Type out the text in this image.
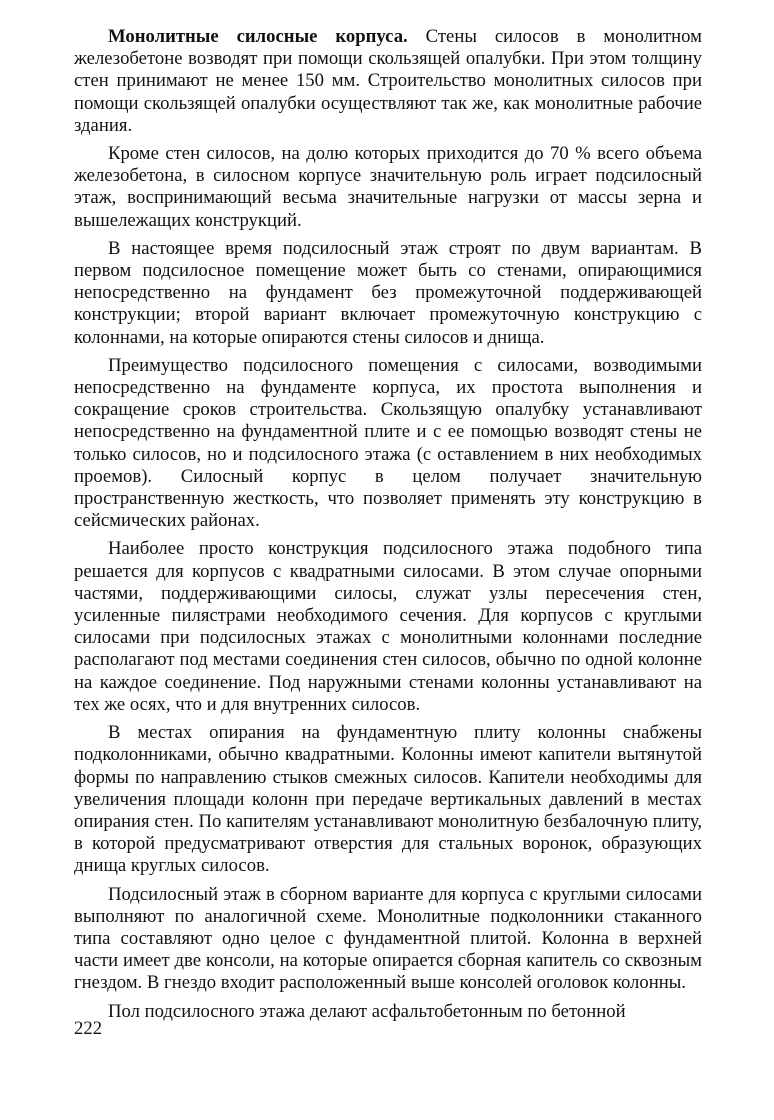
Монолитные силосные корпуса. Стены силосов в монолитном железобетоне возводят при помощи скользящей опалубки. При этом толщину стен принимают не менее 150 мм. Строительство монолитных силосов при помощи скользящей опалубки осуществляют так же, как монолитные рабочие здания.

Кроме стен силосов, на долю которых приходится до 70 % всего объема железобетона, в силосном корпусе значительную роль играет подсилосный этаж, воспринимающий весьма значительные нагрузки от массы зерна и вышележащих конструкций.

В настоящее время подсилосный этаж строят по двум вариантам. В первом подсилосное помещение может быть со стенами, опирающимися непосредственно на фундамент без промежуточной поддерживающей конструкции; второй вариант включает промежуточную конструкцию с колоннами, на которые опираются стены силосов и днища.

Преимущество подсилосного помещения с силосами, возводимыми непосредственно на фундаменте корпуса, их простота выполнения и сокращение сроков строительства. Скользящую опалубку устанавливают непосредственно на фундаментной плите и с ее помощью возводят стены не только силосов, но и подсилосного этажа (с оставлением в них необходимых проемов). Силосный корпус в целом получает значительную пространственную жесткость, что позволяет применять эту конструкцию в сейсмических районах.

Наиболее просто конструкция подсилосного этажа подобного типа решается для корпусов с квадратными силосами. В этом случае опорными частями, поддерживающими силосы, служат узлы пересечения стен, усиленные пилястрами необходимого сечения. Для корпусов с круглыми силосами при подсилосных этажах с монолитными колоннами последние располагают под местами соединения стен силосов, обычно по одной колонне на каждое соединение. Под наружными стенами колонны устанавливают на тех же осях, что и для внутренних силосов.

В местах опирания на фундаментную плиту колонны снабжены подколонниками, обычно квадратными. Колонны имеют капители вытянутой формы по направлению стыков смежных силосов. Капители необходимы для увеличения площади колонн при передаче вертикальных давлений в местах опирания стен. По капителям устанавливают монолитную безбалочную плиту, в которой предусматривают отверстия для стальных воронок, образующих днища круглых силосов.

Подсилосный этаж в сборном варианте для корпуса с круглыми силосами выполняют по аналогичной схеме. Монолитные подколонники стаканного типа составляют одно целое с фундаментной плитой. Колонна в верхней части имеет две консоли, на которые опирается сборная капитель со сквозным гнездом. В гнездо входит расположенный выше консолей оголовок колонны.

Пол подсилосного этажа делают асфальтобетонным по бетонной

222
